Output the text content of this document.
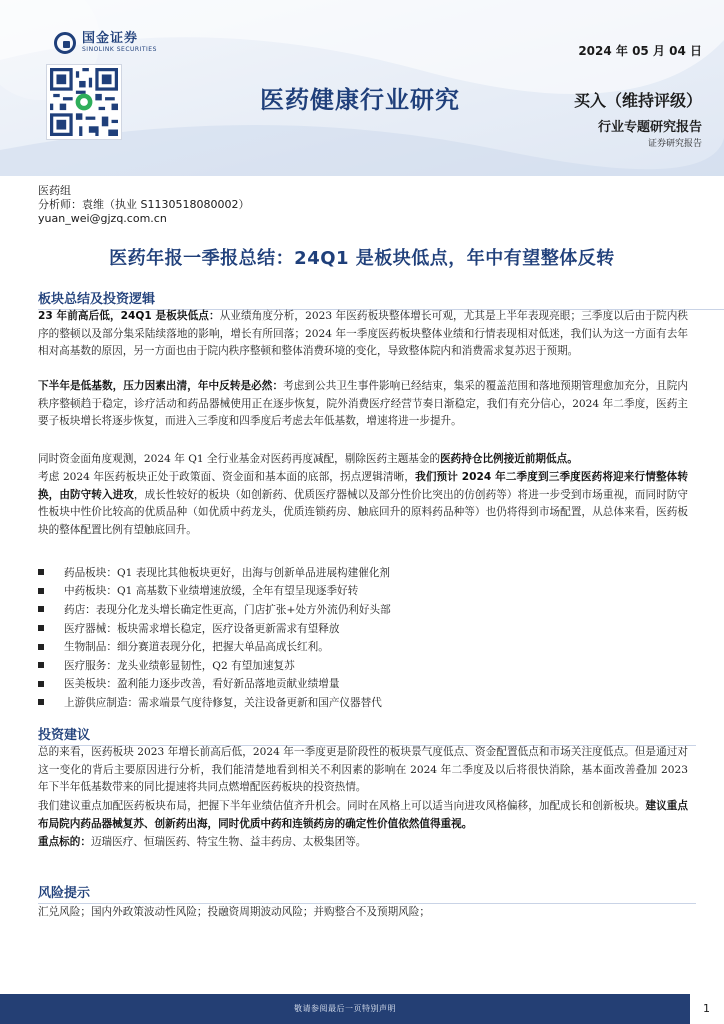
国金证券
SINOLINK SECURITIES
医药健康行业研究
2024 年 05 月 04 日
买入（维持评级）
行业专题研究报告
证券研究报告
医药组
分析师：袁维（执业 S1130518080002）
yuan_wei@gjzq.com.cn
医药年报一季报总结：24Q1 是板块低点，年中有望整体反转
板块总结及投资逻辑
23 年前高后低，24Q1 是板块低点：从业绩角度分析，2023 年医药板块整体增长可观，尤其是上半年表现亮眼；三季度以后由于院内秩序的整顿以及部分集采陆续落地的影响，增长有所回落；2024 年一季度医药板块整体业绩和行情表现相对低迷，我们认为这一方面有去年相对高基数的原因，另一方面也由于院内秩序整顿和整体消费环境的变化，导致整体院内和消费需求复苏迟于预期。
下半年是低基数，压力因素出清，年中反转是必然：考虑到公共卫生事件影响已经结束，集采的覆盖范围和落地预期管理愈加充分，且院内秩序整顿趋于稳定，诊疗活动和药品器械使用正在逐步恢复，院外消费医疗经营节奏日渐稳定，我们有充分信心，2024 年二季度，医药主要子板块增长将逐步恢复，而进入三季度和四季度后考虑去年低基数，增速将进一步提升。
同时资金面角度观测，2024 年 Q1 全行业基金对医药再度减配，剔除医药主题基金的医药持仓比例接近前期低点。
考虑 2024 年医药板块正处于政策面、资金面和基本面的底部，拐点逻辑清晰，我们预计 2024 年二季度到三季度医药将迎来行情整体转换，由防守转入进攻，成长性较好的板块（如创新药、优质医疗器械以及部分性价比突出的仿创药等）将进一步受到市场重视，而同时防守性板块中性价比较高的优质品种（如优质中药龙头，优质连锁药房、触底回升的原料药品种等）也仍将得到市场配置，从总体来看，医药板块的整体配置比例有望触底回升。
药品板块：Q1 表现比其他板块更好，出海与创新单品进展构建催化剂
中药板块：Q1 高基数下业绩增速放缓，全年有望呈现逐季好转
药店：表现分化龙头增长确定性更高，门店扩张+处方外流仍利好头部
医疗器械：板块需求增长稳定，医疗设备更新需求有望释放
生物制品：细分赛道表现分化，把握大单品高成长红利。
医疗服务：龙头业绩彰显韧性，Q2 有望加速复苏
医美板块：盈利能力逐步改善，看好新品落地贡献业绩增量
上游供应制造：需求端景气度待修复，关注设备更新和国产仪器替代
投资建议
总的来看，医药板块 2023 年增长前高后低，2024 年一季度更是阶段性的板块景气度低点、资金配置低点和市场关注度低点。但是通过对这一变化的背后主要原因进行分析，我们能清楚地看到相关不利因素的影响在 2024 年二季度及以后将很快消除，基本面改善叠加 2023 年下半年低基数带来的同比提速将共同点燃增配医药板块的投资热情。
我们建议重点加配医药板块布局，把握下半年业绩估值齐升机会。同时在风格上可以适当向进攻风格偏移，加配成长和创新板块。建议重点布局院内药品器械复苏、创新药出海，同时优质中药和连锁药房的确定性价值依然值得重视。
重点标的：迈瑞医疗、恒瑞医药、特宝生物、益丰药房、太极集团等。
风险提示
汇兑风险；国内外政策波动性风险；投融资周期波动风险；并购整合不及预期风险；
敬请参阅最后一页特别声明	1
